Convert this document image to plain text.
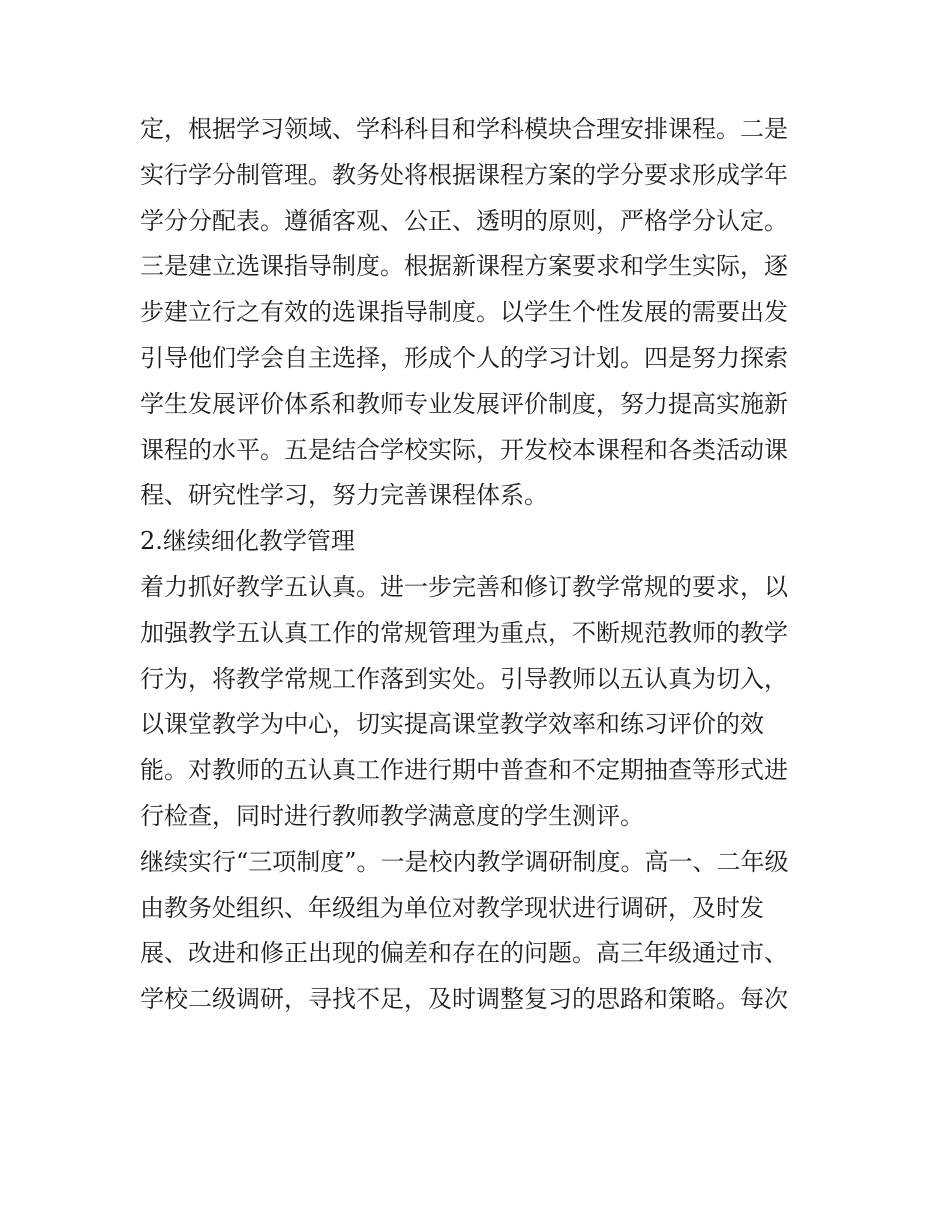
定，根据学习领域、学科科目和学科模块合理安排课程。二是
实行学分制管理。教务处将根据课程方案的学分要求形成学年
学分分配表。遵循客观、公正、透明的原则，严格学分认定。
三是建立选课指导制度。根据新课程方案要求和学生实际，逐
步建立行之有效的选课指导制度。以学生个性发展的需要出发
引导他们学会自主选择，形成个人的学习计划。四是努力探索
学生发展评价体系和教师专业发展评价制度，努力提高实施新
课程的水平。五是结合学校实际，开发校本课程和各类活动课
程、研究性学习，努力完善课程体系。

2.继续细化教学管理

着力抓好教学五认真。进一步完善和修订教学常规的要求，以
加强教学五认真工作的常规管理为重点，不断规范教师的教学
行为，将教学常规工作落到实处。引导教师以五认真为切入，
以课堂教学为中心，切实提高课堂教学效率和练习评价的效
能。对教师的五认真工作进行期中普查和不定期抽查等形式进
行检查，同时进行教师教学满意度的学生测评。

继续实行“三项制度”。一是校内教学调研制度。高一、二年级
由教务处组织、年级组为单位对教学现状进行调研，及时发
展、改进和修正出现的偏差和存在的问题。高三年级通过市、
学校二级调研，寻找不足，及时调整复习的思路和策略。每次
